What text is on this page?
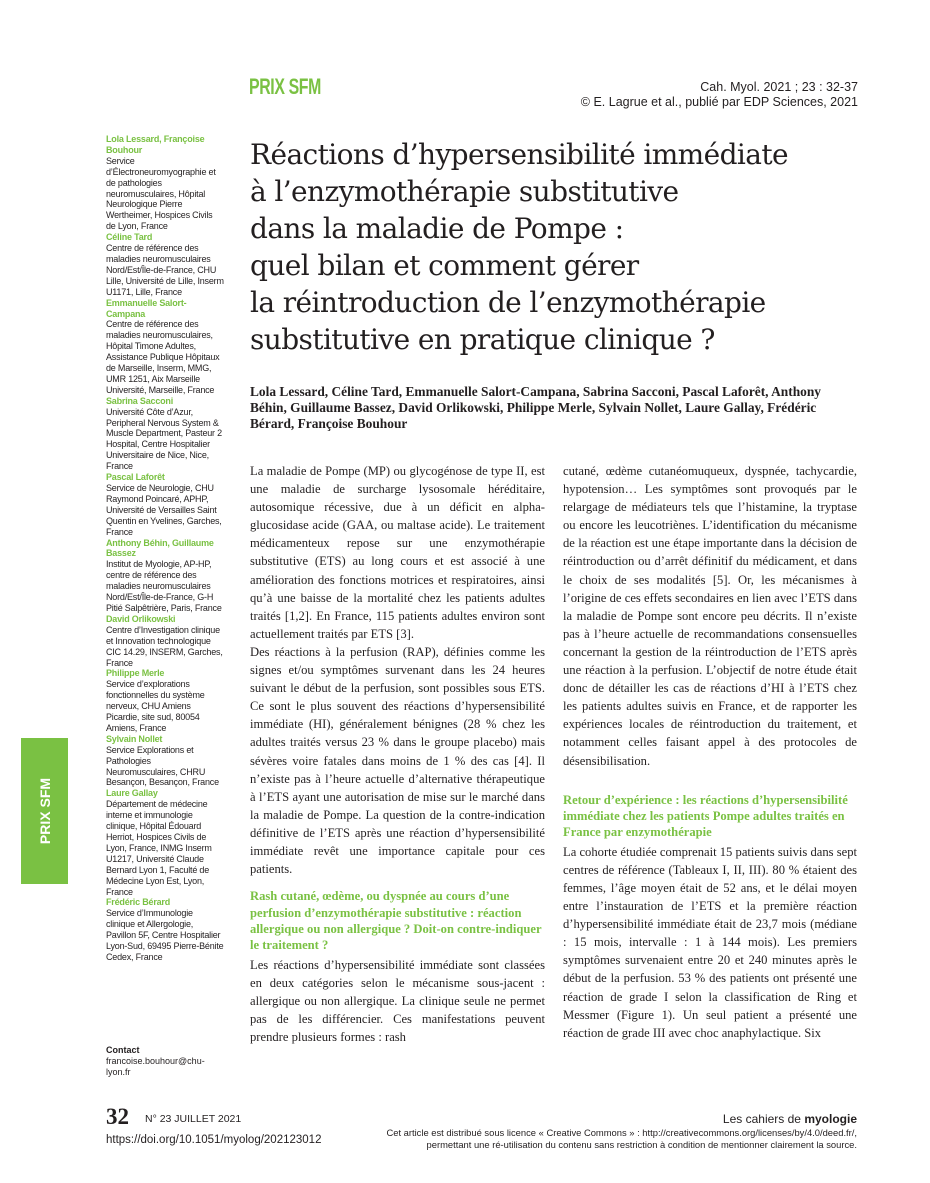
PRIX SFM	Cah. Myol. 2021 ; 23 : 32-37
© E. Lagrue et al., publié par EDP Sciences, 2021
Réactions d’hypersensibilité immédiate
à l’enzymothérapie substitutive
dans la maladie de Pompe :
quel bilan et comment gérer
la réintroduction de l’enzymothérapie
substitutive en pratique clinique ?
Lola Lessard, Céline Tard, Emmanuelle Salort-Campana, Sabrina Sacconi, Pascal Laforêt, Anthony Béhin, Guillaume Bassez, David Orlikowski, Philippe Merle, Sylvain Nollet, Laure Gallay, Frédéric Bérard, Françoise Bouhour
Lola Lessard, Françoise Bouhour
Service d’Électroneuromyographie et de pathologies neuromusculaires, Hôpital Neurologique Pierre Wertheimer, Hospices Civils de Lyon, France
Céline Tard
Centre de référence des maladies neuromusculaires Nord/Est/Île-de-France, CHU Lille, Université de Lille, Inserm U1171, Lille, France
Emmanuelle Salort-Campana
Centre de référence des maladies neuromusculaires, Hôpital Timone Adultes, Assistance Publique Hôpitaux de Marseille, Inserm, MMG, UMR 1251, Aix Marseille Université, Marseille, France
Sabrina Sacconi
Université Côte d’Azur, Peripheral Nervous System & Muscle Department, Pasteur 2 Hospital, Centre Hospitalier Universitaire de Nice, Nice, France
Pascal Laforêt
Service de Neurologie, CHU Raymond Poincaré, APHP, Université de Versailles Saint Quentin en Yvelines, Garches, France
Anthony Béhin, Guillaume Bassez
Institut de Myologie, AP-HP, centre de référence des maladies neuromusculaires Nord/Est/Île-de-France, G-H Pitié Salpêtrière, Paris, France
David Orlikowski
Centre d’Investigation clinique et Innovation technologique CIC 14.29, INSERM, Garches, France
Philippe Merle
Service d’explorations fonctionnelles du système nerveux, CHU Amiens Picardie, site sud, 80054 Amiens, France
Sylvain Nollet
Service Explorations et Pathologies Neuromusculaires, CHRU Besançon, Besançon, France
Laure Gallay
Département de médecine interne et immunologie clinique, Hôpital Édouard Herriot, Hospices Civils de Lyon, France, INMG Inserm U1217, Université Claude Bernard Lyon 1, Faculté de Médecine Lyon Est, Lyon, France
Frédéric Bérard
Service d’Immunologie clinique et Allergologie, Pavillon 5F, Centre Hospitalier Lyon-Sud, 69495 Pierre-Bénite Cedex, France
Contact
francoise.bouhour@chu-lyon.fr
PRIX SFM

La maladie de Pompe (MP) ou glycogénose de type II, est une maladie de surcharge lysosomale héréditaire, autosomique récessive, due à un déficit en alpha-glucosidase acide (GAA, ou maltase acide). Le traitement médicamenteux repose sur une enzymothérapie substitutive (ETS) au long cours et est associé à une amélioration des fonctions motrices et respiratoires, ainsi qu’à une baisse de la mortalité chez les patients adultes traités [1,2]. En France, 115 patients adultes environ sont actuellement traités par ETS [3].

Des réactions à la perfusion (RAP), définies comme les signes et/ou symptômes survenant dans les 24 heures suivant le début de la perfusion, sont possibles sous ETS. Ce sont le plus souvent des réactions d’hypersensibilité immédiate (HI), généralement bénignes (28 % chez les adultes traités versus 23 % dans le groupe placebo) mais sévères voire fatales dans moins de 1 % des cas [4]. Il n’existe pas à l’heure actuelle d’alternative thérapeutique à l’ETS ayant une autorisation de mise sur le marché dans la maladie de Pompe. La question de la contre-indication définitive de l’ETS après une réaction d’hypersensibilité immédiate revêt une importance capitale pour ces patients.

Rash cutané, œdème, ou dyspnée au cours d’une perfusion d’enzymothérapie substitutive : réaction allergique ou non allergique ? Doit-on contre-indiquer le traitement ?

Les réactions d’hypersensibilité immédiate sont classées en deux catégories selon le mécanisme sous-jacent : allergique ou non allergique. La clinique seule ne permet pas de les différencier. Ces manifestations peuvent prendre plusieurs formes : rash

cutané, œdème cutanéomuqueux, dyspnée, tachycardie, hypotension… Les symptômes sont provoqués par le relargage de médiateurs tels que l’histamine, la tryptase ou encore les leucotriènes. L’identification du mécanisme de la réaction est une étape importante dans la décision de réintroduction ou d’arrêt définitif du médicament, et dans le choix de ses modalités [5]. Or, les mécanismes à l’origine de ces effets secondaires en lien avec l’ETS dans la maladie de Pompe sont encore peu décrits. Il n’existe pas à l’heure actuelle de recommandations consensuelles concernant la gestion de la réintroduction de l’ETS après une réaction à la perfusion. L’objectif de notre étude était donc de détailler les cas de réactions d’HI à l’ETS chez les patients adultes suivis en France, et de rapporter les expériences locales de réintroduction du traitement, et notamment celles faisant appel à des protocoles de désensibilisation.

Retour d’expérience : les réactions d’hypersensibilité immédiate chez les patients Pompe adultes traités en France par enzymothérapie

La cohorte étudiée comprenait 15 patients suivis dans sept centres de référence (Tableaux I, II, III). 80 % étaient des femmes, l’âge moyen était de 52 ans, et le délai moyen entre l’instauration de l’ETS et la première réaction d’hypersensibilité immédiate était de 23,7 mois (médiane : 15 mois, intervalle : 1 à 144 mois). Les premiers symptômes survenaient entre 20 et 240 minutes après le début de la perfusion. 53 % des patients ont présenté une réaction de grade I selon la classification de Ring et Messmer (Figure 1). Un seul patient a présenté une réaction de grade III avec choc anaphylactique. Six

32 N° 23 JUILLET 2021
https://doi.org/10.1051/myolog/202123012
Les cahiers de myologie
Cet article est distribué sous licence « Creative Commons » : http://creativecommons.org/licenses/by/4.0/deed.fr/,
permettant une ré-utilisation du contenu sans restriction à condition de mentionner clairement la source.
